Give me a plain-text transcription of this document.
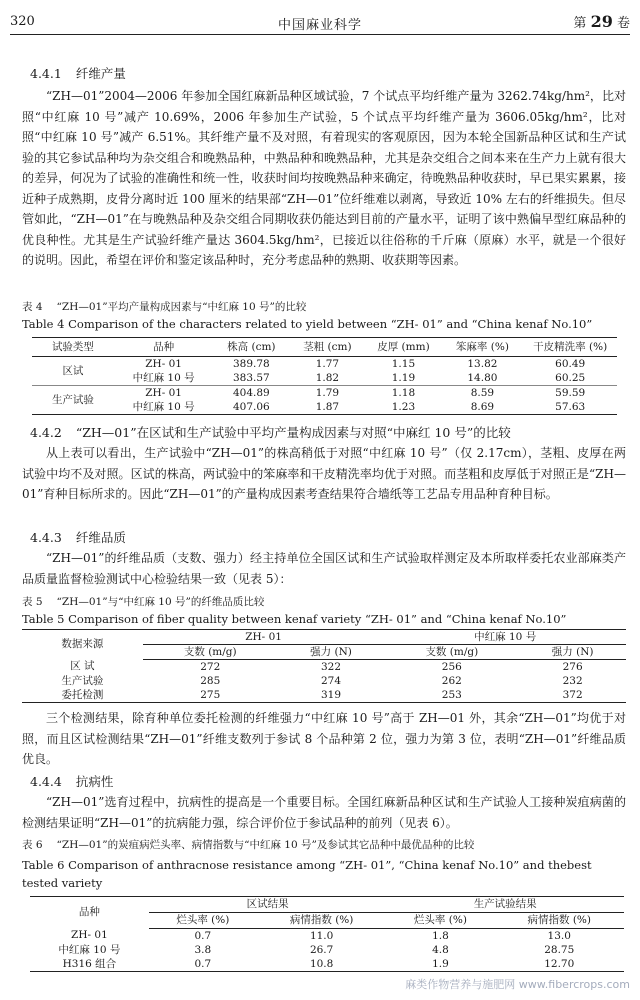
320	中国麻业科学	第 29 卷
4.4.1 纤维产量

“ZH—01”2004—2006 年参加全国红麻新品种区域试验，7 个试点平均纤维产量为 3262.74kg/hm²，比对照“中红麻 10 号”减产 10.69%，2006 年参加生产试验，5 个试点平均纤维产量为 3606.05kg/hm²，比对照“中红麻 10 号”减产 6.51%。其纤维产量不及对照，有着现实的客观原因，因为本轮全国新品种区试和生产试验的其它参试品种均为杂交组合和晚熟品种，中熟品种和晚熟品种，尤其是杂交组合之间本来在生产力上就有很大的差异，何况为了试验的准确性和统一性，收获时间均按晚熟品种来确定，待晚熟品种收获时，早已果实累累，接近种子成熟期，皮骨分离时近 100 厘米的结果部“ZH—01”位纤维难以剥离，导致近 10% 左右的纤维损失。但尽管如此，“ZH—01”在与晚熟品种及杂交组合同期收获仍能达到目前的产量水平，证明了该中熟偏早型红麻品种的优良种性。尤其是生产试验纤维产量达 3604.5kg/hm²，已接近以往俗称的千斤麻（原麻）水平，就是一个很好的说明。因此，希望在评价和鉴定该品种时，充分考虑品种的熟期、收获期等因素。

表 4 “ZH—01”平均产量构成因素与“中红麻 10 号”的比较
Table 4 Comparison of the characters related to yield between “ZH- 01” and “China kenaf No.10”
试验类型	品种	株高 (cm)	茎粗 (cm)	皮厚 (mm)	笨麻率 (%)	干皮精洗率 (%)
区试	ZH- 01	389.78	1.77	1.15	13.82	60.49
	中红麻 10 号	383.57	1.82	1.19	14.80	60.25
生产试验	ZH- 01	404.89	1.79	1.18	8.59	59.59
	中红麻 10 号	407.06	1.87	1.23	8.69	57.63
4.4.2 “ZH—01”在区试和生产试验中平均产量构成因素与对照“中麻红 10 号”的比较

从上表可以看出，生产试验中“ZH—01”的株高稍低于对照“中红麻 10 号”（仅 2.17cm），茎粗、皮厚在两试验中均不及对照。区试的株高，两试验中的笨麻率和干皮精洗率均优于对照。而茎粗和皮厚低于对照正是“ZH—01”育种目标所求的。因此“ZH—01”的产量构成因素考查结果符合墙纸等工艺品专用品种育种目标。

4.4.3 纤维品质

“ZH—01”的纤维品质（支数、强力）经主持单位全国区试和生产试验取样测定及本所取样委托农业部麻类产品质量监督检验测试中心检验结果一致（见表 5）：

表 5 “ZH—01”与“中红麻 10 号”的纤维品质比较
Table 5 Comparison of fiber quality between kenaf variety “ZH- 01” and “China kenaf No.10”
数据来源	ZH- 01		中红麻 10 号	
	支数 (m/g)	强力 (N)	支数 (m/g)	强力 (N)
区 试	272	322	256	276
生产试验	285	274	262	232
委托检测	275	319	253	372

三个检测结果，除育种单位委托检测的纤维强力“中红麻 10 号”高于 ZH—01 外，其余“ZH—01”均优于对照，而且区试检测结果“ZH—01”纤维支数列于参试 8 个品种第 2 位，强力为第 3 位，表明“ZH—01”纤维品质优良。

4.4.4 抗病性

“ZH—01”选育过程中，抗病性的提高是一个重要目标。全国红麻新品种区试和生产试验人工接种炭疽病菌的检测结果证明“ZH—01”的抗病能力强，综合评价位于参试品种的前列（见表 6）。

表 6 “ZH—01”的炭疽病烂头率、病情指数与“中红麻 10 号”及参试其它品种中最优品种的比较
Table 6 Comparison of anthracnose resistance among “ZH- 01”, “China kenaf No.10” and thebest tested variety
品种	区试结果		生产试验结果	
	烂头率 (%)	病情指数 (%)	烂头率 (%)	病情指数 (%)
ZH- 01	0.7	11.0	1.8	13.0
中红麻 10 号	3.8	26.7	4.8	28.75
H316 组合	0.7	10.8	1.9	12.70
麻类作物营养与施肥网 www.fibercrops.com
